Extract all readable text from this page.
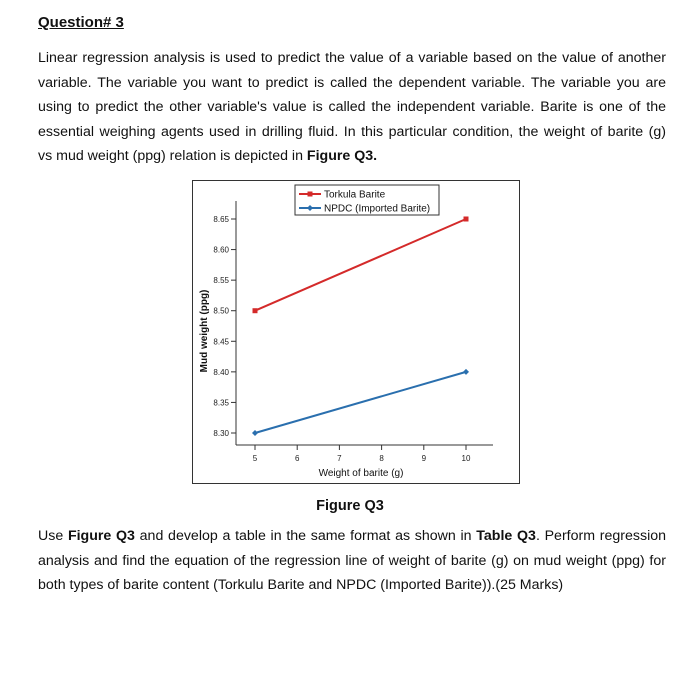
Question# 3
Linear regression analysis is used to predict the value of a variable based on the value of another
variable. The variable you want to predict is called the dependent variable. The variable you are
using to predict the other variable's value is called the independent variable. Barite is one of the
essential weighing agents used in drilling fluid. In this particular condition, the weight of barite (g)
vs mud weight (ppg) relation is depicted in Figure Q3.
8.30
8.35
8.40
8.45
8.50
8.55
8.60
8.65
5	6	7	8	9	10
Weight of barite (g)
Mud weight (ppg)
Torkula Barite
NPDC (Imported Barite)
Figure Q3
Use Figure Q3 and develop a table in the same format as shown in Table Q3. Perform regression
analysis and find the equation of the regression line of weight of barite (g) on mud weight (ppg) for
both types of barite content (Torkulu Barite and NPDC (Imported Barite)).(25 Marks)
